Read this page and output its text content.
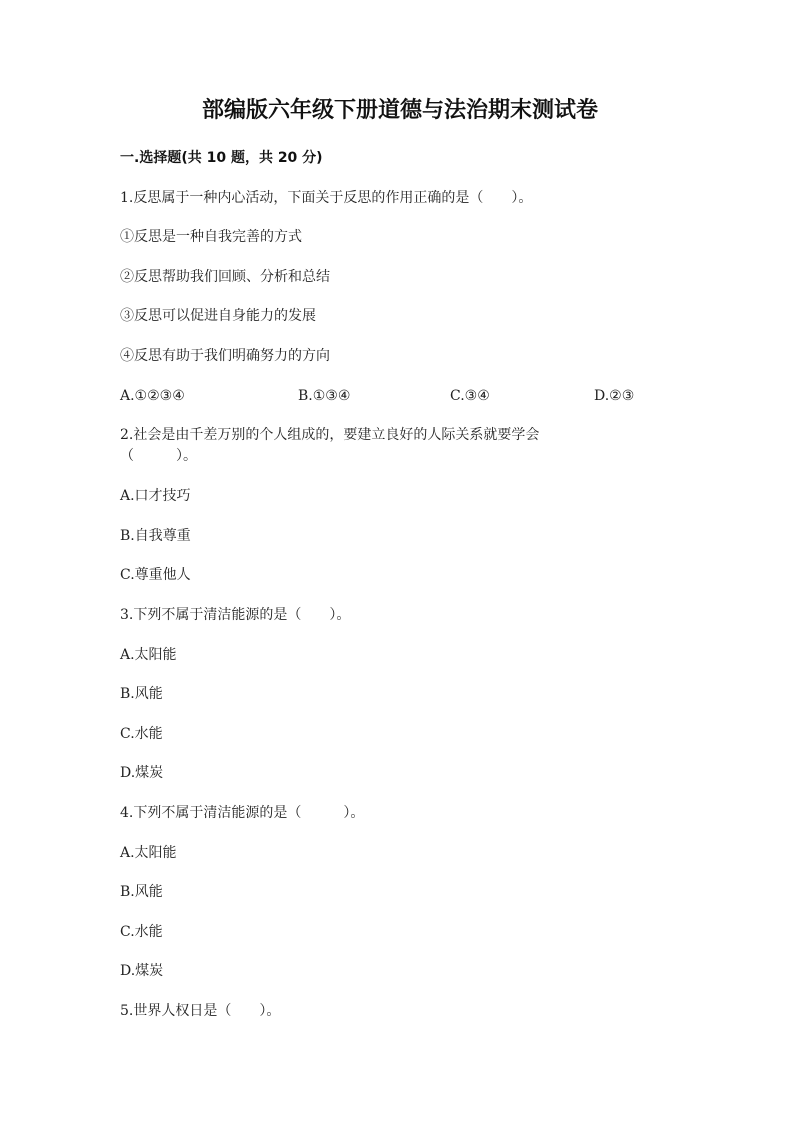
部编版六年级下册道德与法治期末测试卷
一.选择题(共 10 题，共 20 分)
1.反思属于一种内心活动，下面关于反思的作用正确的是（　　）。
①反思是一种自我完善的方式
②反思帮助我们回顾、分析和总结
③反思可以促进自身能力的发展
④反思有助于我们明确努力的方向
A.①②③④	B.①③④	C.③④	D.②③
2.社会是由千差万别的个人组成的，要建立良好的人际关系就要学会
（　　　）。
A.口才技巧
B.自我尊重
C.尊重他人
3.下列不属于清洁能源的是（　　）。
A.太阳能
B.风能
C.水能
D.煤炭
4.下列不属于清洁能源的是（　　　）。
A.太阳能
B.风能
C.水能
D.煤炭
5.世界人权日是（　　）。
